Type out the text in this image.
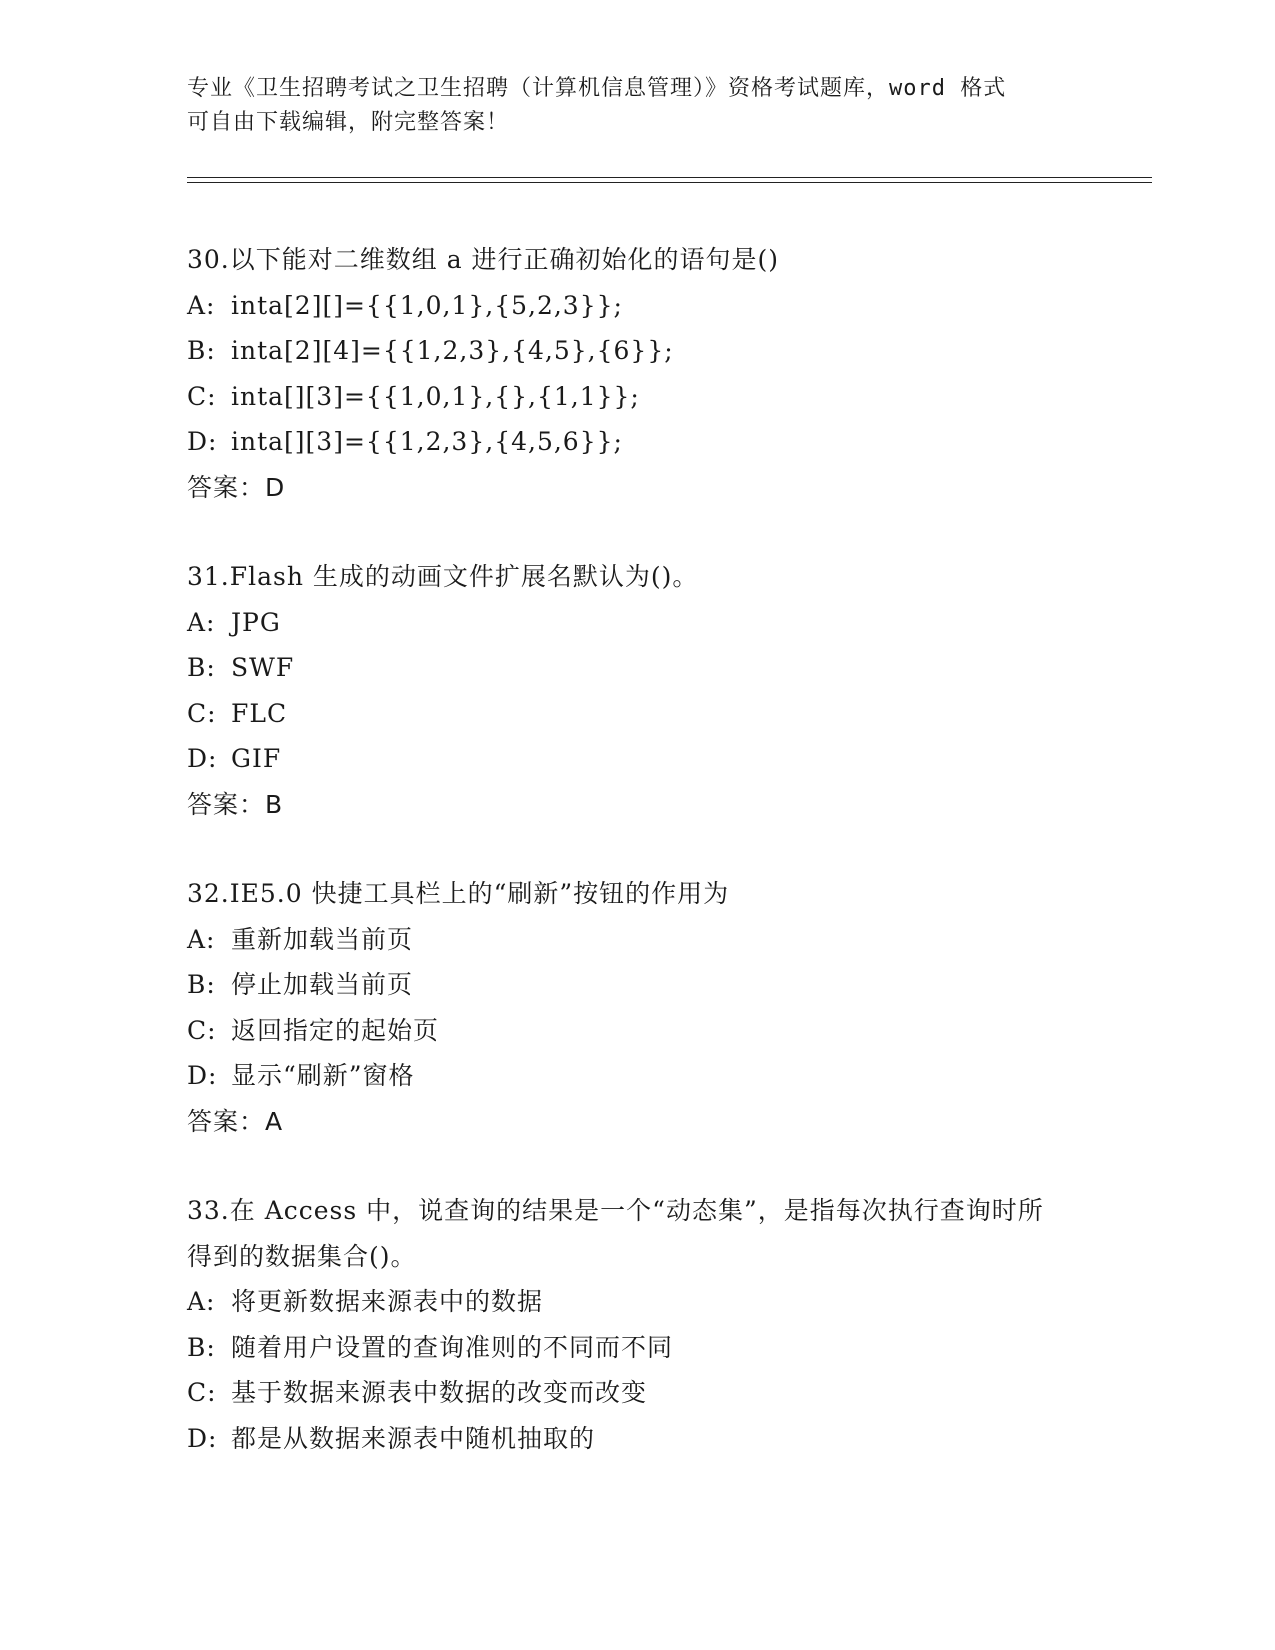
专业《卫生招聘考试之卫生招聘（计算机信息管理）》资格考试题库，word 格式
可自由下载编辑，附完整答案！
30.以下能对二维数组 a 进行正确初始化的语句是()
A: inta[2][]={{1,0,1},{5,2,3}};
B: inta[2][4]={{1,2,3},{4,5},{6}};
C: inta[][3]={{1,0,1},{},{1,1}};
D: inta[][3]={{1,2,3},{4,5,6}};
答案：D
31.Flash 生成的动画文件扩展名默认为()。
A: JPG
B: SWF
C: FLC
D: GIF
答案：B
32.IE5.0 快捷工具栏上的“刷新”按钮的作用为
A: 重新加载当前页
B: 停止加载当前页
C: 返回指定的起始页
D: 显示“刷新”窗格
答案：A
33.在 Access 中，说查询的结果是一个“动态集”，是指每次执行查询时所得到的数据集合()。
A: 将更新数据来源表中的数据
B: 随着用户设置的查询准则的不同而不同
C: 基于数据来源表中数据的改变而改变
D: 都是从数据来源表中随机抽取的
